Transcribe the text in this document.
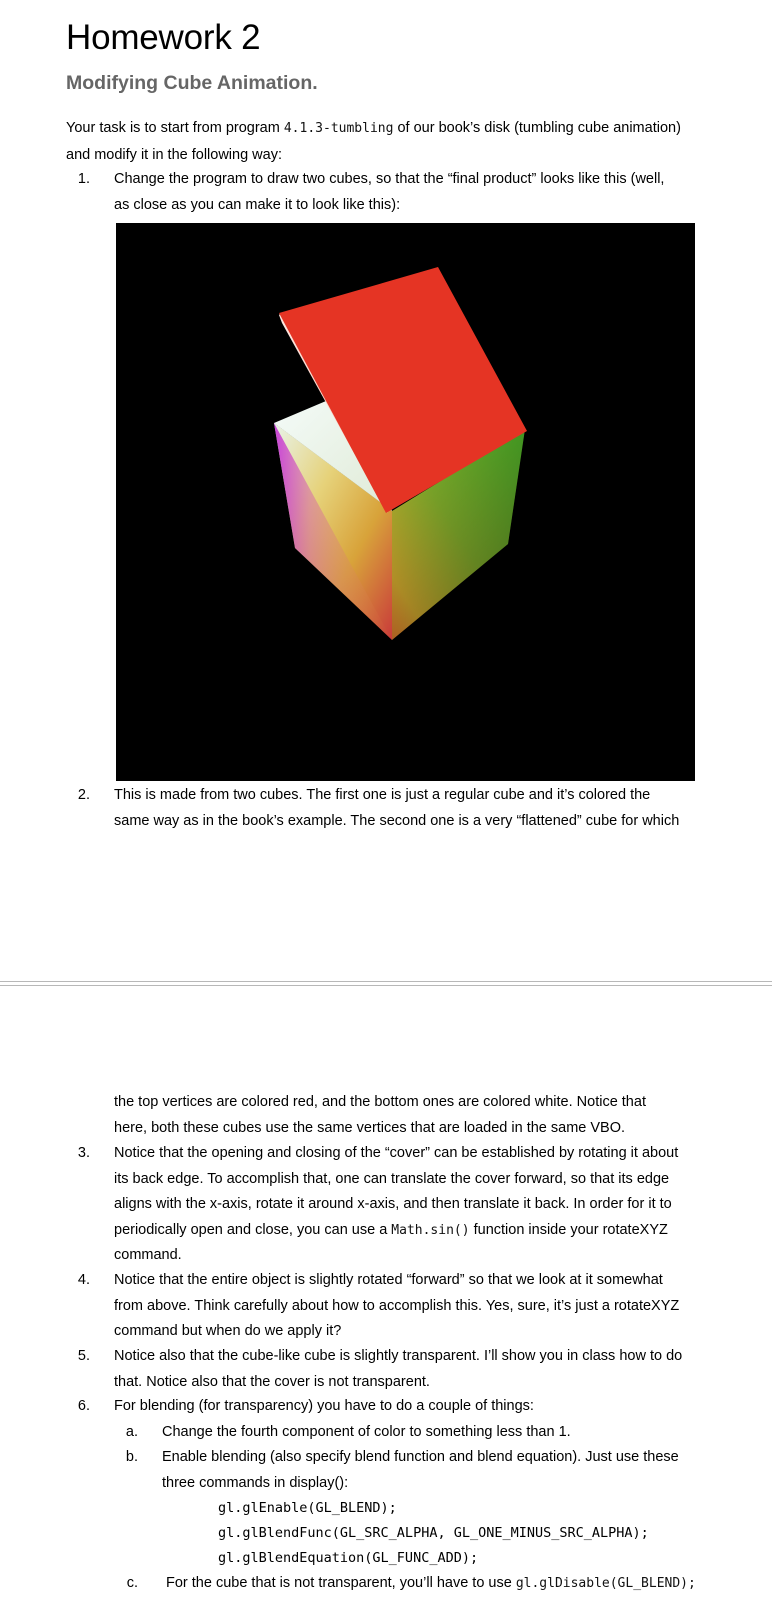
Homework 2
Modifying Cube Animation.

Your task is to start from program 4.1.3-tumbling of our book’s disk (tumbling cube animation)
and modify it in the following way:

1. Change the program to draw two cubes, so that the “final product” looks like this (well,
as close as you can make it to look like this):
2. This is made from two cubes. The first one is just a regular cube and it’s colored the
same way as in the book’s example. The second one is a very “flattened” cube for which
the top vertices are colored red, and the bottom ones are colored white. Notice that
here, both these cubes use the same vertices that are loaded in the same VBO.
3. Notice that the opening and closing of the “cover” can be established by rotating it about
its back edge. To accomplish that, one can translate the cover forward, so that its edge
aligns with the x-axis, rotate it around x-axis, and then translate it back. In order for it to
periodically open and close, you can use a Math.sin() function inside your rotateXYZ
command.
4. Notice that the entire object is slightly rotated “forward” so that we look at it somewhat
from above. Think carefully about how to accomplish this. Yes, sure, it’s just a rotateXYZ
command but when do we apply it?
5. Notice also that the cube-like cube is slightly transparent. I’ll show you in class how to do
that. Notice also that the cover is not transparent.
6. For blending (for transparency) you have to do a couple of things:
a. Change the fourth component of color to something less than 1.
b. Enable blending (also specify blend function and blend equation). Just use these
three commands in display():
gl.glEnable(GL_BLEND);
gl.glBlendFunc(GL_SRC_ALPHA, GL_ONE_MINUS_SRC_ALPHA);
gl.glBlendEquation(GL_FUNC_ADD);
c. For the cube that is not transparent, you’ll have to use gl.glDisable(GL_BLEND);
